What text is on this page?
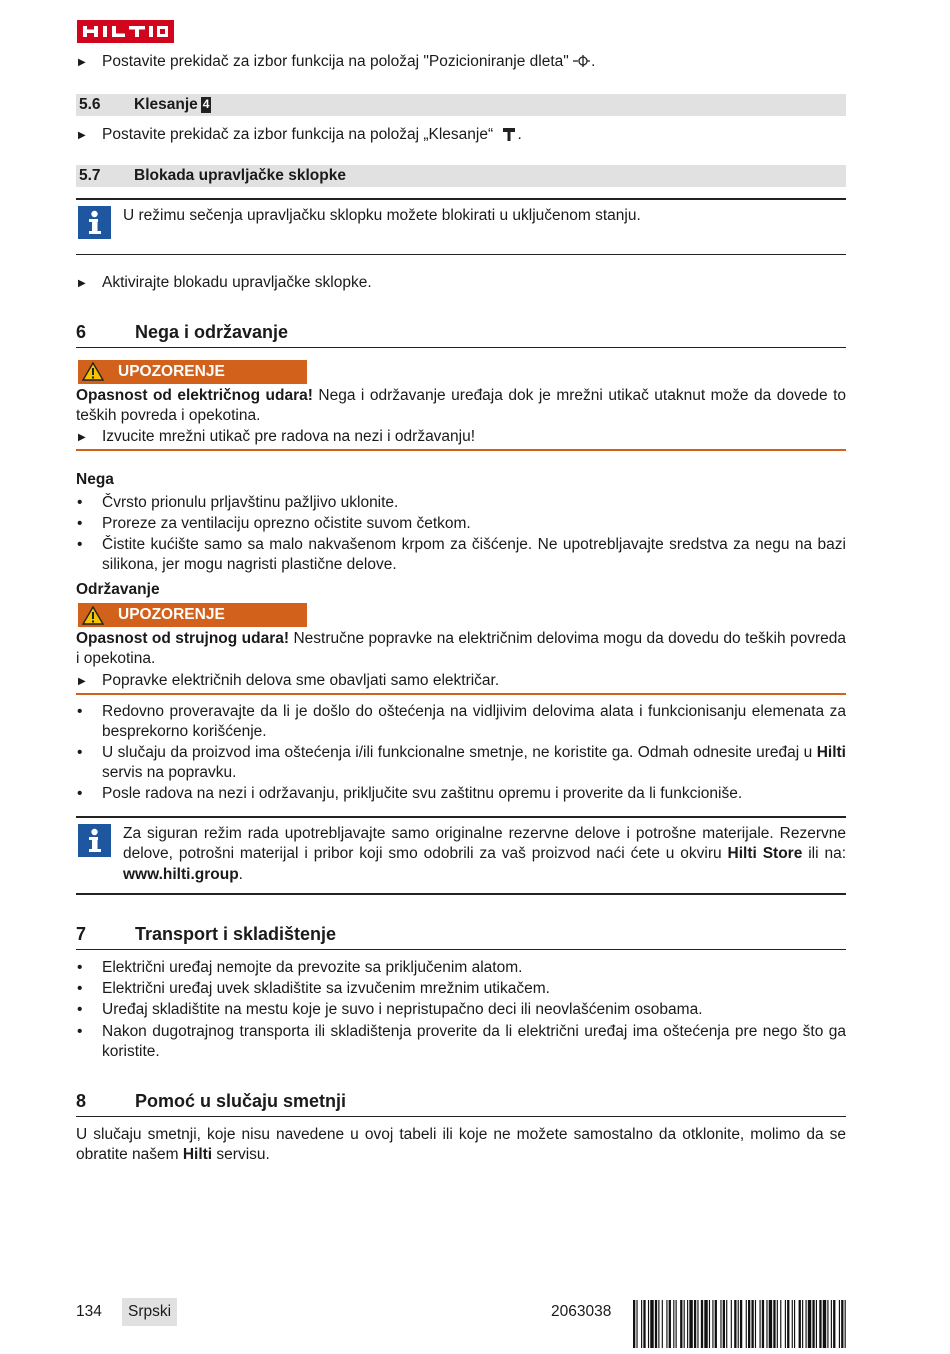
▶	Postavite prekidač za izbor funkcija na položaj "Pozicioniranje dleta" .
5.6	Klesanje 4
▶	Postavite prekidač za izbor funkcija na položaj „Klesanje“ .
5.7	Blokada upravljačke sklopke
U režimu sečenja upravljačku sklopku možete blokirati u uključenom stanju.
▶	Aktivirajte blokadu upravljačke sklopke.
6	Nega i održavanje
UPOZORENJE
Opasnost od električnog udara! Nega i održavanje uređaja dok je mrežni utikač utaknut može da dovede to teških povreda i opekotina.
▶	Izvucite mrežni utikač pre radova na nezi i održavanju!
Nega
•	Čvrsto prionulu prljavštinu pažljivo uklonite.
•	Proreze za ventilaciju oprezno očistite suvom četkom.
•	Čistite kućište samo sa malo nakvašenom krpom za čišćenje. Ne upotrebljavajte sredstva za negu na bazi silikona, jer mogu nagristi plastične delove.
Održavanje
UPOZORENJE
Opasnost od strujnog udara! Nestručne popravke na električnim delovima mogu da dovedu do teških povreda i opekotina.
▶	Popravke električnih delova sme obavljati samo električar.
•	Redovno proveravajte da li je došlo do oštećenja na vidljivim delovima alata i funkcionisanju elemenata za besprekorno korišćenje.
•	U slučaju da proizvod ima oštećenja i/ili funkcionalne smetnje, ne koristite ga. Odmah odnesite uređaj u Hilti servis na popravku.
•	Posle radova na nezi i održavanju, priključite svu zaštitnu opremu i proverite da li funkcioniše.
Za siguran režim rada upotrebljavajte samo originalne rezervne delove i potrošne materijale. Rezervne delove, potrošni materijal i pribor koji smo odobrili za vaš proizvod naći ćete u okviru Hilti Store ili na: www.hilti.group.
7	Transport i skladištenje
•	Električni uređaj nemojte da prevozite sa priključenim alatom.
•	Električni uređaj uvek skladištite sa izvučenim mrežnim utikačem.
•	Uređaj skladištite na mestu koje je suvo i nepristupačno deci ili neovlašćenim osobama.
•	Nakon dugotrajnog transporta ili skladištenja proverite da li električni uređaj ima oštećenja pre nego što ga koristite.
8	Pomoć u slučaju smetnji
U slučaju smetnji, koje nisu navedene u ovoj tabeli ili koje ne možete samostalno da otklonite, molimo da se obratite našem Hilti servisu.
134	Srpski	2063038
